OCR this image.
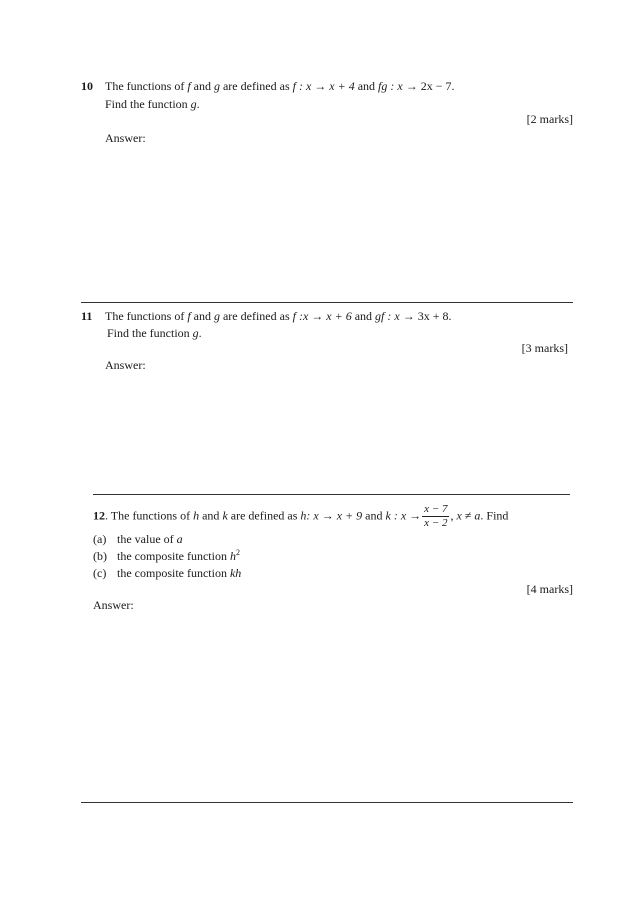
10 The functions of f and g are defined as f : x → x + 4 and fg : x → 2x − 7.
Find the function g.
[2 marks]
Answer:
11 The functions of f and g are defined as f :x → x + 6 and gf : x → 3x + 8.
Find the function g.
[3 marks]
Answer:
12. The functions of h and k are defined as h: x → x + 9 and k : $x \to \frac{x - 7}{x - 2}$ , x ≠ a. Find
(a) the value of a
(b) the composite function $h^2$
(c) the composite function kh
[4 marks]
Answer:
